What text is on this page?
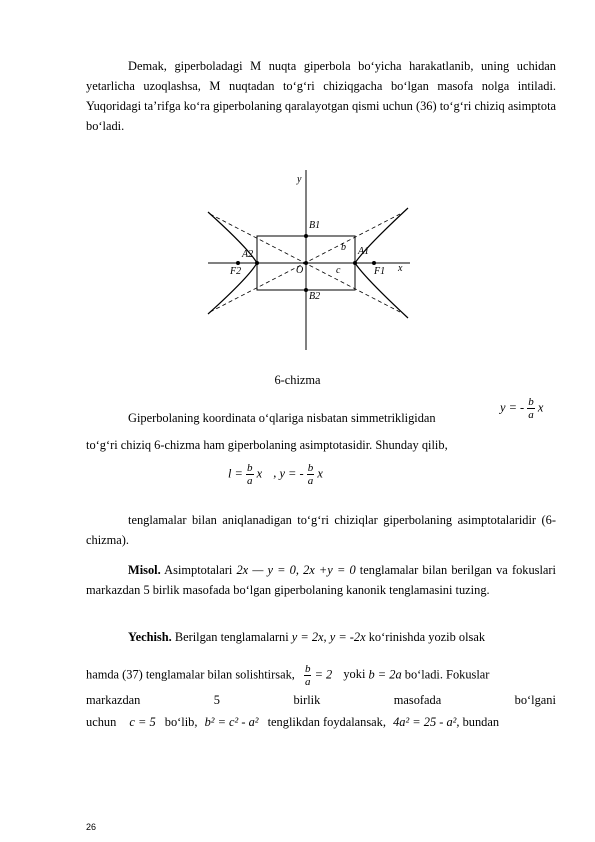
Demak, giperboladagi M nuqta giperbola bo‘yicha harakatlanib, uning uchidan yetarlicha uzoqlashsa, M nuqtadan to‘g‘ri chiziqgacha bo‘lgan masofa nolga intiladi. Yuqoridagi ta’rifga ko‘ra giperbolaning qaralayotgan qismi uchun (36) to‘g‘ri chiziq asimptota bo‘ladi.
y
B1
A2
b A1
F2	O	c	F1 x
B2
6-chizma
Giperbolaning koordinata o‘qlariga nisbatan simmetrikligidan
y = - $\frac{b}{a}$ x
to‘g‘ri chiziq 6-chizma ham giperbolaning asimptotasidir. Shunday qilib,
$l = \frac{b}{a}$ x , y = - $\frac{b}{a}$ x
tenglamalar bilan aniqlanadigan to‘g‘ri chiziqlar giperbolaning asimptotalaridir (6-chizma).
Misol. Asimptotalari 2x — y = 0, 2x +y = 0 tenglamalar bilan berilgan va fokuslari markazdan 5 birlik masofada bo‘lgan giperbolaning kanonik tenglamasini tuzing.
Yechish. Berilgan tenglamalarni y = 2x, y = -2x ko‘rinishda yozib olsak
hamda (37) tenglamalar bilan solishtirsak, $\frac{b}{a} = 2$ yoki b = 2a bo‘ladi. Fokuslar
markazdan	5	birlik	masofada	bo‘lgani
uchun c = 5 bo‘lib, b² = c² - a² tenglikdan foydalansak, 4a² = 25 - a², bundan
26
